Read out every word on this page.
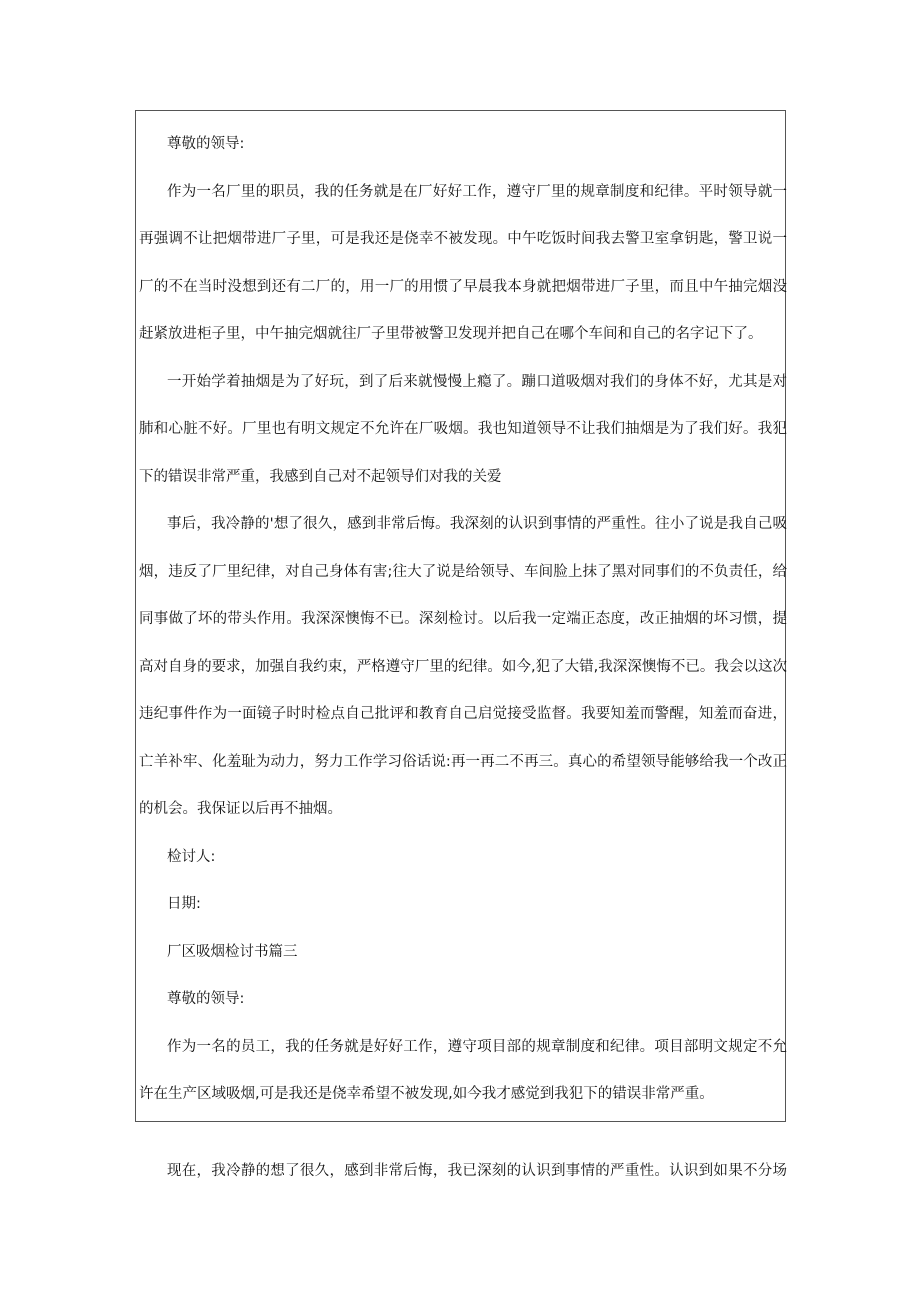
尊敬的领导:
作为一名厂里的职员，我的任务就是在厂好好工作，遵守厂里的规章制度和纪律。平时领导就一
再强调不让把烟带进厂子里，可是我还是侥幸不被发现。中午吃饭时间我去警卫室拿钥匙，警卫说一
厂的不在当时没想到还有二厂的，用一厂的用惯了早晨我本身就把烟带进厂子里，而且中午抽完烟没
赶紧放进柜子里，中午抽完烟就往厂子里带被警卫发现并把自己在哪个车间和自己的名字记下了。
一开始学着抽烟是为了好玩，到了后来就慢慢上瘾了。蹦口道吸烟对我们的身体不好，尤其是对
肺和心脏不好。厂里也有明文规定不允许在厂吸烟。我也知道领导不让我们抽烟是为了我们好。我犯
下的错误非常严重，我感到自己对不起领导们对我的关爱
事后，我冷静的'想了很久，感到非常后悔。我深刻的认识到事情的严重性。往小了说是我自己吸
烟，违反了厂里纪律，对自己身体有害;往大了说是给领导、车间脸上抹了黑对同事们的不负责任，给
同事做了坏的带头作用。我深深懊悔不已。深刻检讨。以后我一定端正态度，改正抽烟的坏习惯，提
高对自身的要求，加强自我约束，严格遵守厂里的纪律。如今,犯了大错,我深深懊悔不已。我会以这次
违纪事件作为一面镜子时时检点自己批评和教育自己启觉接受监督。我要知羞而警醒，知羞而奋进，
亡羊补牢、化羞耻为动力，努力工作学习俗话说:再一再二不再三。真心的希望领导能够给我一个改正
的机会。我保证以后再不抽烟。
检讨人:
日期:
厂区吸烟检讨书篇三
尊敬的领导:
作为一名的员工，我的任务就是好好工作，遵守项目部的规章制度和纪律。项目部明文规定不允
许在生产区域吸烟,可是我还是侥幸希望不被发现,如今我才感觉到我犯下的错误非常严重。
现在，我冷静的想了很久，感到非常后悔，我已深刻的认识到事情的严重性。认识到如果不分场
